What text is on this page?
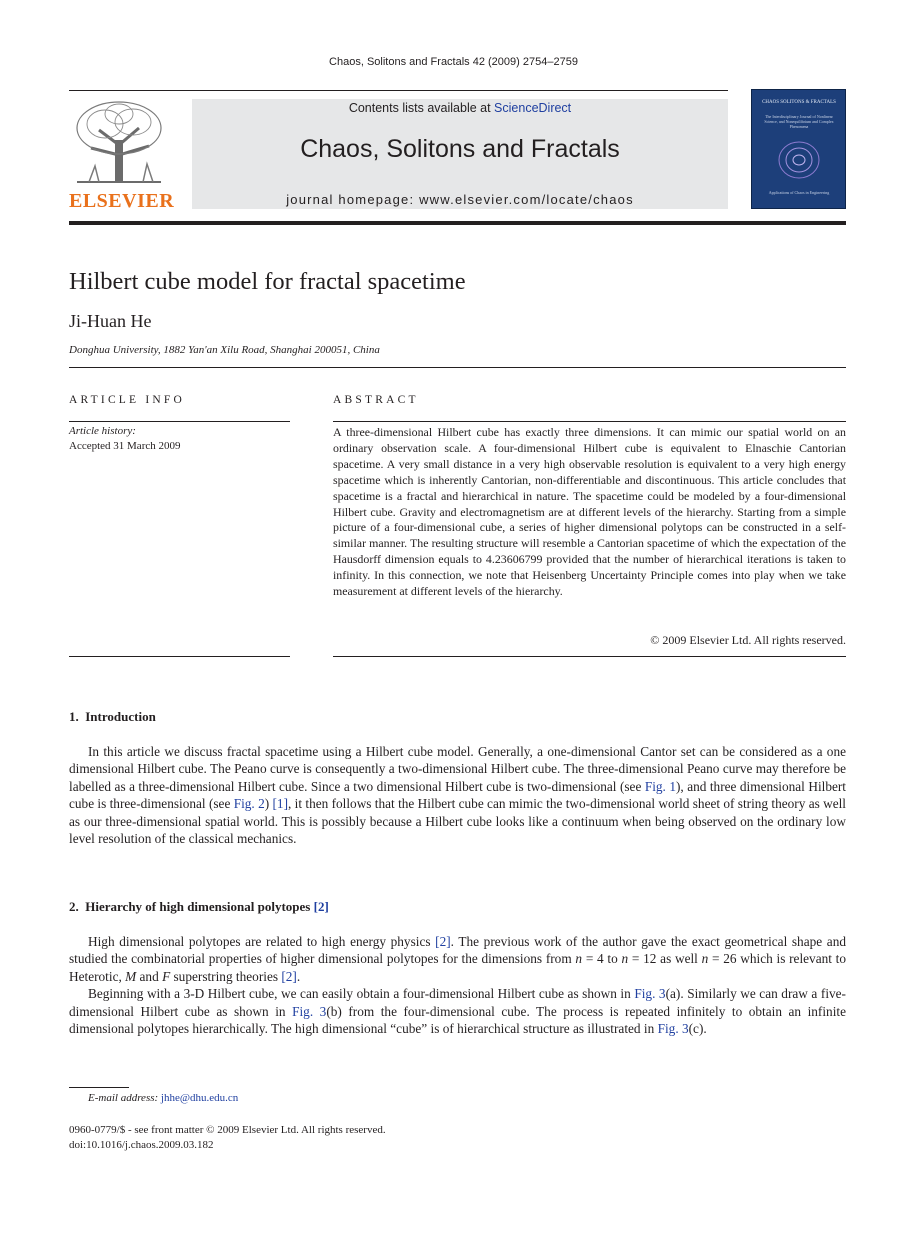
Chaos, Solitons and Fractals 42 (2009) 2754–2759
ELSEVIER
Contents lists available at ScienceDirect
Chaos, Solitons and Fractals
journal homepage: www.elsevier.com/locate/chaos
CHAOS SOLITONS & FRACTALS
The Interdisciplinary Journal of Nonlinear Science, and Nonequilibrium and Complex Phenomena
Applications of Chaos in Engineering
Hilbert cube model for fractal spacetime
Ji-Huan He
Donghua University, 1882 Yan'an Xilu Road, Shanghai 200051, China
ARTICLE INFO
Article history:
Accepted 31 March 2009
ABSTRACT
A three-dimensional Hilbert cube has exactly three dimensions. It can mimic our spatial world on an ordinary observation scale. A four-dimensional Hilbert cube is equivalent to Elnaschie Cantorian spacetime. A very small distance in a very high observable resolution is equivalent to a very high energy spacetime which is inherently Cantorian, non-differentiable and discontinuous. This article concludes that spacetime is a fractal and hierarchical in nature. The spacetime could be modeled by a four-dimensional Hilbert cube. Gravity and electromagnetism are at different levels of the hierarchy. Starting from a simple picture of a four-dimensional cube, a series of higher dimensional polytops can be constructed in a self-similar manner. The resulting structure will resemble a Cantorian spacetime of which the expectation of the Hausdorff dimension equals to 4.23606799 provided that the number of hierarchical iterations is taken to infinity. In this connection, we note that Heisenberg Uncertainty Principle comes into play when we take measurement at different levels of the hierarchy.
© 2009 Elsevier Ltd. All rights reserved.
1.  Introduction

In this article we discuss fractal spacetime using a Hilbert cube model. Generally, a one-dimensional Cantor set can be considered as a one dimensional Hilbert cube. The Peano curve is consequently a two-dimensional Hilbert cube. The three-dimensional Peano curve may therefore be labelled as a three-dimensional Hilbert cube. Since a two dimensional Hilbert cube is two-dimensional (see Fig. 1), and three dimensional Hilbert cube is three-dimensional (see Fig. 2) [1], it then follows that the Hilbert cube can mimic the two-dimensional world sheet of string theory as well as our three-dimensional spatial world. This is possibly because a Hilbert cube looks like a continuum when being observed on the ordinary low level resolution of the classical mechanics.

2.  Hierarchy of high dimensional polytopes [2]

High dimensional polytopes are related to high energy physics [2]. The previous work of the author gave the exact geometrical shape and studied the combinatorial properties of higher dimensional polytopes for the dimensions from n = 4 to n = 12 as well n = 26 which is relevant to Heterotic, M and F superstring theories [2].

Beginning with a 3-D Hilbert cube, we can easily obtain a four-dimensional Hilbert cube as shown in Fig. 3(a). Similarly we can draw a five-dimensional Hilbert cube as shown in Fig. 3(b) from the four-dimensional cube. The process is repeated infinitely to obtain an infinite dimensional polytopes hierarchically. The high dimensional “cube” is of hierarchical structure as illustrated in Fig. 3(c).

E-mail address: jhhe@dhu.edu.cn
0960-0779/$ - see front matter © 2009 Elsevier Ltd. All rights reserved.
doi:10.1016/j.chaos.2009.03.182
